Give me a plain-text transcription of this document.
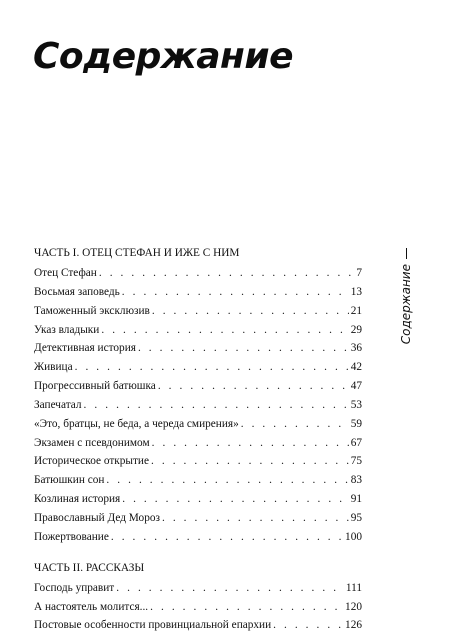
Содержание
Содержание
ЧАСТЬ I. ОТЕЦ СТЕФАН И ИЖЕ С НИМ
Отец Стефан . . .	7
Восьмая заповедь . . .	13
Таможенный эксклюзив . . .	21
Указ владыки . . .	29
Детективная история . . .	36
Живица . . .	42
Прогрессивный батюшка . . .	47
Запечатал . . .	53
«Это, братцы, не беда, а череда смирения» . . .	59
Экзамен с псевдонимом . . .	67
Историческое открытие . . .	75
Батюшкин сон . . .	83
Козлиная история . . .	91
Православный Дед Мороз . . .	95
Пожертвование . . .	100
ЧАСТЬ II. РАССКАЗЫ
Господь управит . . .	111
А настоятель молится... . . .	120
Постовые особенности провинциальной епархии . . .	126
